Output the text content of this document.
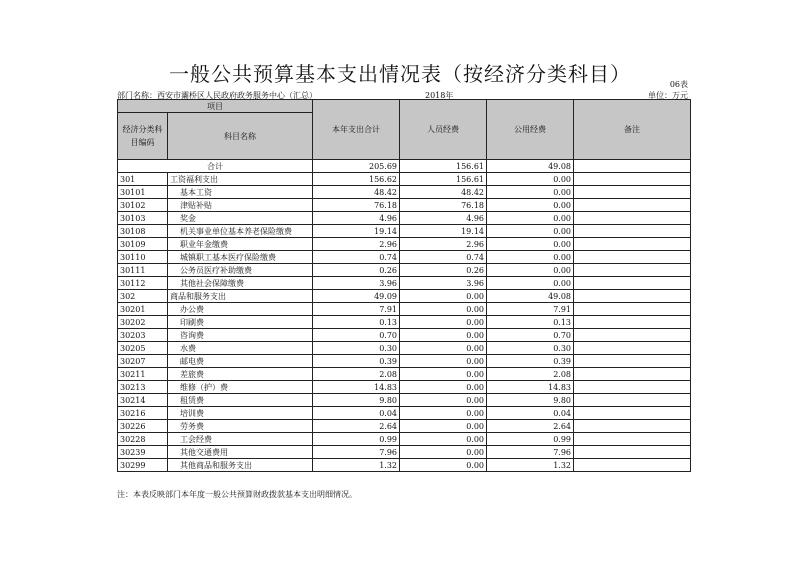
一般公共预算基本支出情况表（按经济分类科目）	06表
部门名称：西安市灞桥区人民政府政务服务中心（汇总）	2018年	单位：万元
项目		本年支出合计	人员经费	公用经费	备注
经济分类科目编码	科目名称				

合计		205.69	156.61	49.08	
301	工资福利支出	156.62	156.61	0.00	
30101	基本工资	48.42	48.42	0.00	
30102	津贴补贴	76.18	76.18	0.00	
30103	奖金	4.96	4.96	0.00	
30108	机关事业单位基本养老保险缴费	19.14	19.14	0.00	
30109	职业年金缴费	2.96	2.96	0.00	
30110	城镇职工基本医疗保险缴费	0.74	0.74	0.00	
30111	公务员医疗补助缴费	0.26	0.26	0.00	
30112	其他社会保障缴费	3.96	3.96	0.00	
302	商品和服务支出	49.09	0.00	49.08	
30201	办公费	7.91	0.00	7.91	
30202	印刷费	0.13	0.00	0.13	
30203	咨询费	0.70	0.00	0.70	
30205	水费	0.30	0.00	0.30	
30207	邮电费	0.39	0.00	0.39	
30211	差旅费	2.08	0.00	2.08	
30213	维修（护）费	14.83	0.00	14.83	
30214	租赁费	9.80	0.00	9.80	
30216	培训费	0.04	0.00	0.04	
30226	劳务费	2.64	0.00	2.64	
30228	工会经费	0.99	0.00	0.99	
30239	其他交通费用	7.96	0.00	7.96	
30299	其他商品和服务支出	1.32	0.00	1.32	
注：本表反映部门本年度一般公共预算财政拨款基本支出明细情况。
